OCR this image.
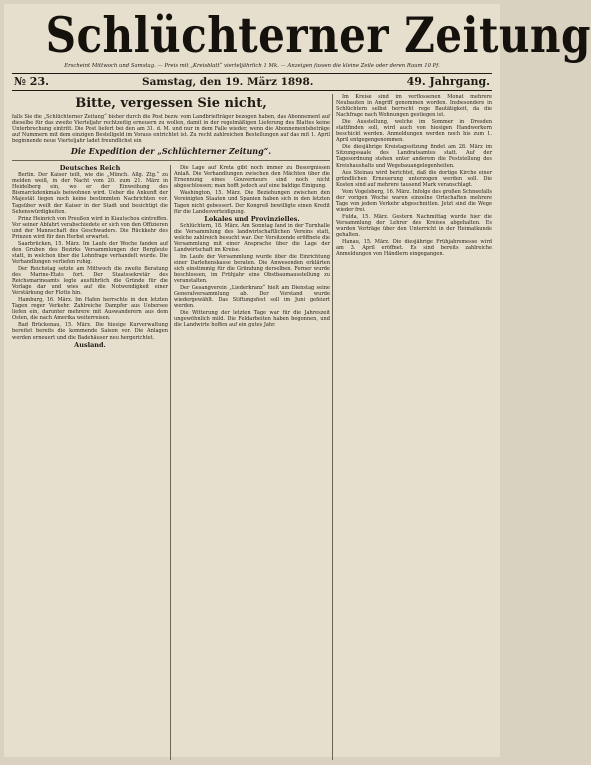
Schlüchterner Zeitung
Erscheint Mittwoch und Samstag. — Preis mit „Kreisblatt“ vierteljährlich 1 Mk. — Anzeigen fassen die kleine Zeile oder deren Raum 10 Pf.
№ 23.	Samstag, den 19. März 1898.	49. Jahrgang.
Bitte, vergessen Sie nicht,
falls Sie die „Schlüchterner Zeitung“ bisher durch die Post bezw. vom Landbriefträger bezogen haben, das Abonnement auf dieselbe für das zweite Vierteljahr rechtzeitig erneuern zu wollen, damit in der regelmäßigen Lieferung des Blattes keine Unterbrechung eintritt. Die Post liefert bei den am 31. d. M. und nur in dem Falle wieder, wenn die Abonnementsbeträge auf Nummern mit dem einzigen Bestellgeld im Voraus entrichtet ist. Zu recht zahlreichen Bestellungen auf das mit 1. April beginnende neue Vierteljahr ladet freundlichst ein
Die Expedition der „Schlüchterner Zeitung“.

Deutsches Reich

Berlin. Der Kaiser teilt, wie die „Münch. Allg. Ztg.“ zu melden weiß, in der Nacht vom 20. zum 21. März in Heidelberg ein, wo er der Einweihung des Bismarckdenkmals beiwohnen wird. Ueber die Ankunft der Majestät liegen noch keine bestimmten Nachrichten vor. Tagsüber weilt der Kaiser in der Stadt und besichtigt die Sehenswürdigkeiten.

Prinz Heinrich von Preußen wird in Kiautschou eintreffen. Vor seiner Abfahrt verabschiedete er sich von den Offizieren und der Mannschaft des Geschwaders. Die Rückkehr des Prinzen wird für den Herbst erwartet.

Saarbrücken, 15. März. Im Laufe der Woche fanden auf den Gruben des Bezirks Versammlungen der Bergleute statt, in welchen über die Lohnfrage verhandelt wurde. Die Verhandlungen verliefen ruhig.

Der Reichstag setzte am Mittwoch die zweite Beratung des Marine-Etats fort. Der Staatssekretär des Reichsmarineamts legte ausführlich die Gründe für die Vorlage dar und wies auf die Notwendigkeit einer Verstärkung der Flotte hin.

Hamburg, 16. März. Im Hafen herrschte in den letzten Tagen reger Verkehr. Zahlreiche Dampfer aus Uebersee liefen ein, darunter mehrere mit Auswanderern aus dem Osten, die nach Amerika weiterreisen.

Bad Brückenau, 15. März. Die hiesige Kurverwaltung bereitet bereits die kommende Saison vor. Die Anlagen werden erneuert und die Badehäuser neu hergerichtet.

Ausland.

Die Lage auf Kreta gibt noch immer zu Besorgnissen Anlaß. Die Verhandlungen zwischen den Mächten über die Ernennung eines Gouverneurs sind noch nicht abgeschlossen; man hofft jedoch auf eine baldige Einigung.

Washington, 15. März. Die Beziehungen zwischen den Vereinigten Staaten und Spanien haben sich in den letzten Tagen nicht gebessert. Der Kongreß bewilligte einen Kredit für die Landesverteidigung.

Lokales und Provinzielles.

Schlüchtern, 18. März. Am Sonntag fand in der Turnhalle die Versammlung des landwirtschaftlichen Vereins statt, welche zahlreich besucht war. Der Vorsitzende eröffnete die Versammlung mit einer Ansprache über die Lage der Landwirtschaft im Kreise.

Im Laufe der Versammlung wurde über die Einrichtung einer Darlehenskasse beraten. Die Anwesenden erklärten sich einstimmig für die Gründung derselben. Ferner wurde beschlossen, im Frühjahr eine Obstbaumausstellung zu veranstalten.

Der Gesangverein „Liederkranz“ hielt am Dienstag seine Generalversammlung ab. Der Vorstand wurde wiedergewählt. Das Stiftungsfest soll im Juni gefeiert werden.

Die Witterung der letzten Tage war für die Jahreszeit ungewöhnlich mild. Die Feldarbeiten haben begonnen, und die Landwirte hoffen auf ein gutes Jahr.

Im Kreise sind im verflossenen Monat mehrere Neubauten in Angriff genommen worden. Insbesondere in Schlüchtern selbst herrscht rege Bautätigkeit, da die Nachfrage nach Wohnungen gestiegen ist.

Die Ausstellung, welche im Sommer in Dresden stattfinden soll, wird auch von hiesigen Handwerkern beschickt werden. Anmeldungen werden noch bis zum 1. April entgegengenommen.

Die diesjährige Kreistagssitzung findet am 28. März im Sitzungssaale des Landratsamtes statt. Auf der Tagesordnung stehen unter anderem die Feststellung des Kreishaushalts und Wegebauangelegenheiten.

Aus Steinau wird berichtet, daß die dortige Kirche einer gründlichen Erneuerung unterzogen werden soll. Die Kosten sind auf mehrere tausend Mark veranschlagt.

Vom Vogelsberg, 16. März. Infolge des großen Schneefalls der vorigen Woche waren einzelne Ortschaften mehrere Tage von jedem Verkehr abgeschnitten. Jetzt sind die Wege wieder frei.

Fulda, 15. März. Gestern Nachmittag wurde hier die Versammlung der Lehrer des Kreises abgehalten. Es wurden Vorträge über den Unterricht in der Heimatkunde gehalten.

Hanau, 15. März. Die diesjährige Frühjahrsmesse wird am 3. April eröffnet. Es sind bereits zahlreiche Anmeldungen von Händlern eingegangen.
